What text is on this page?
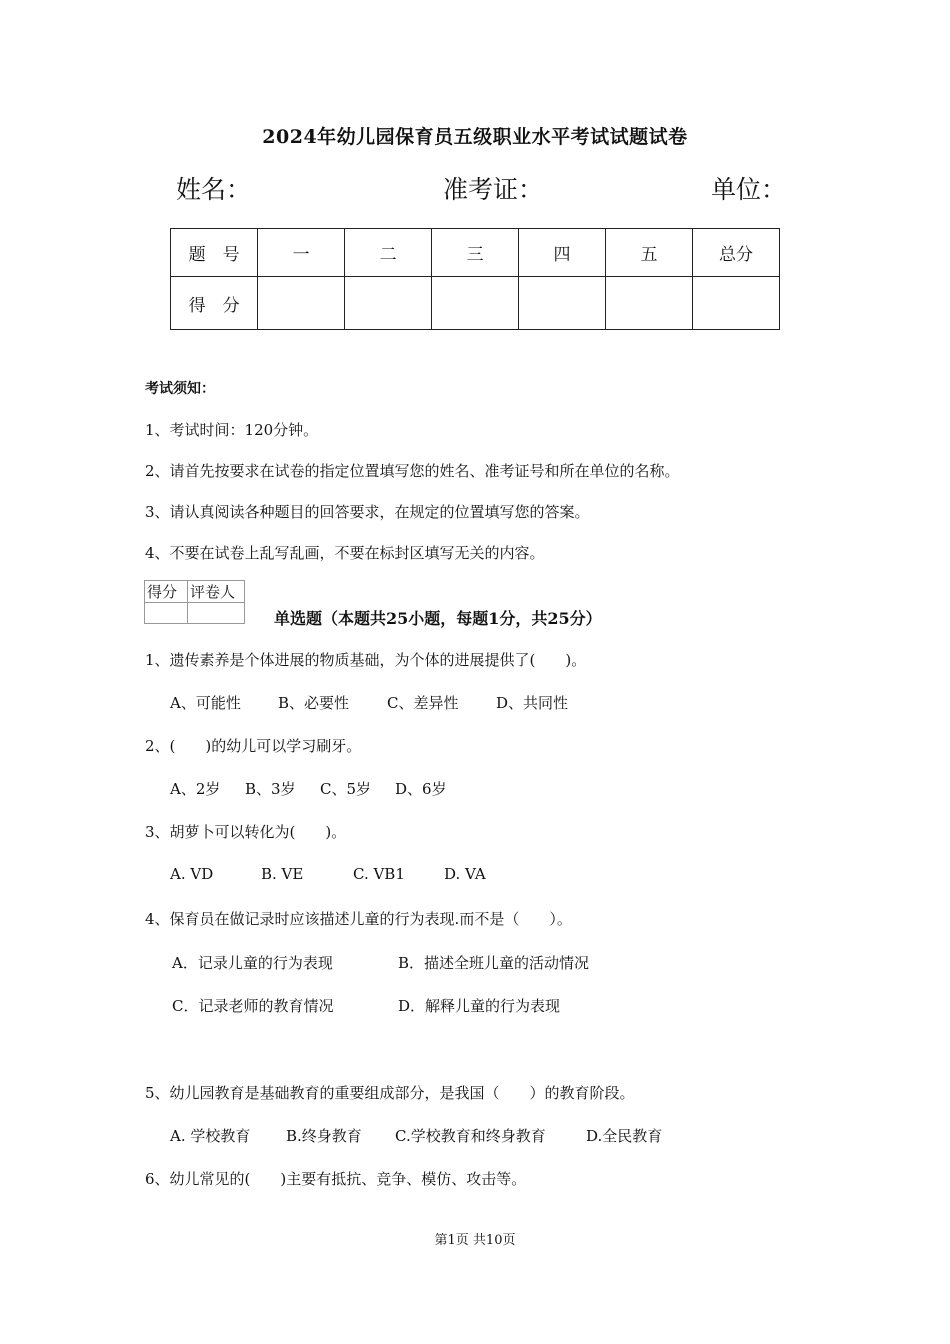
2024年幼儿园保育员五级职业水平考试试题试卷
姓名：	准考证：	单位：
题　号	一	二	三	四	五	总分
得　分						
考试须知：
1、考试时间：120分钟。
2、请首先按要求在试卷的指定位置填写您的姓名、准考证号和所在单位的名称。
3、请认真阅读各种题目的回答要求，在规定的位置填写您的答案。
4、不要在试卷上乱写乱画，不要在标封区填写无关的内容。
得分	评卷人

单选题（本题共25小题，每题1分，共25分）
1、遗传素养是个体进展的物质基础，为个体的进展提供了(　　)。
A、可能性 B、必要性	C、差异性	D、共同性
2、(　　)的幼儿可以学习刷牙。
A、2岁 B、3岁 C、5岁 D、6岁
3、胡萝卜可以转化为(　　)。
A. VD	B. VE	C. VB1	D. VA
4、保育员在做记录时应该描述儿童的行为表现.而不是（　　）。
A．记录儿童的行为表现	B．描述全班儿童的活动情况
C．记录老师的教育情况	D．解释儿童的行为表现
5、幼儿园教育是基础教育的重要组成部分，是我国（　　）的教育阶段。
A. 学校教育 B.终身教育 C.学校教育和终身教育	D.全民教育
6、幼儿常见的(　　)主要有抵抗、竞争、模仿、攻击等。
第1页 共10页
